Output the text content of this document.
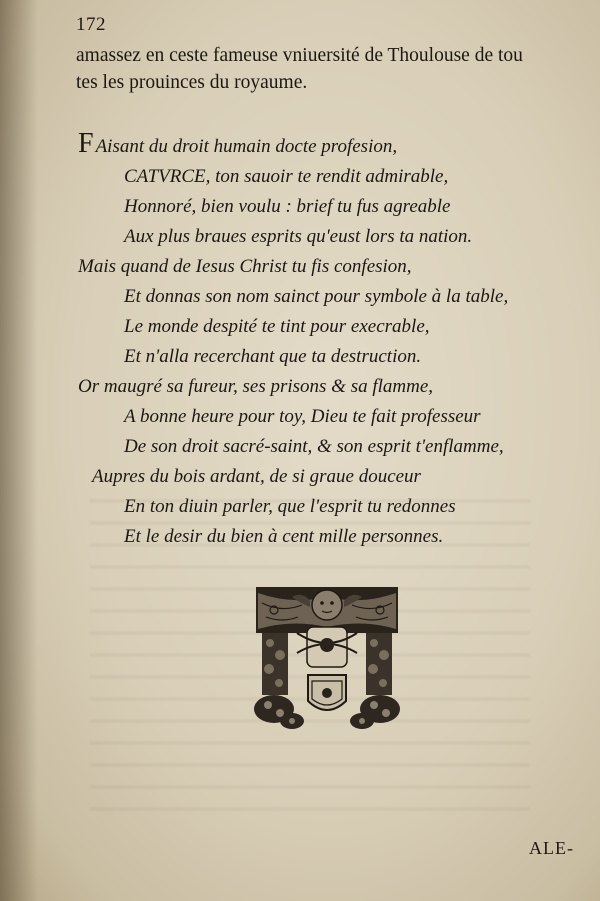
172
amassez en ceste fameuse vniuersité de Thoulouse de tou
tes les prouinces du royaume.
F Aisant du droit humain docte profesion,
CATVRCE, ton sauoir te rendit admirable,
Honnoré, bien voulu : brief tu fus agreable
Aux plus braues esprits qu'eust lors ta nation.
Mais quand de Iesus Christ tu fis confesion,
Et donnas son nom sainct pour symbole à la table,
Le monde despité te tint pour execrable,
Et n'alla recerchant que ta destruction.
Or maugré sa fureur, ses prisons & sa flamme,
A bonne heure pour toy, Dieu te fait professeur
De son droit sacré-saint, & son esprit t'enflamme,
Aupres du bois ardant, de si graue douceur
En ton diuin parler, que l'esprit tu redonnes
Et le desir du bien à cent mille personnes.
ALE-
